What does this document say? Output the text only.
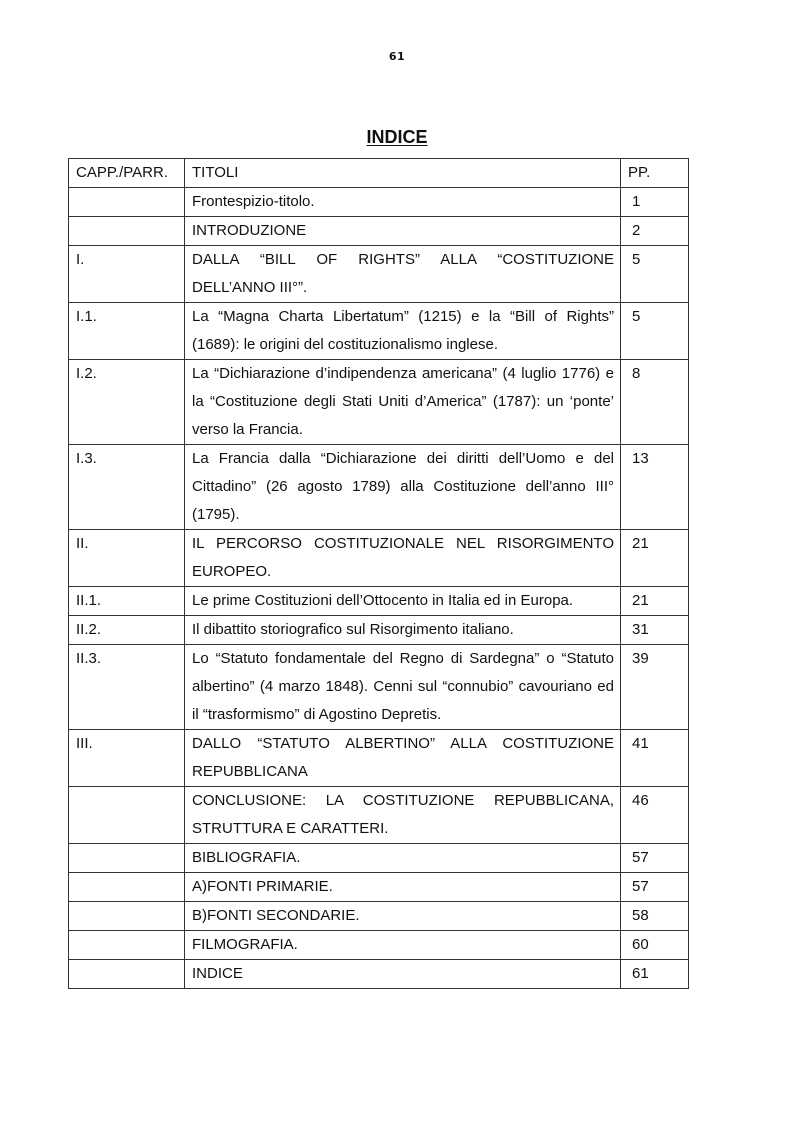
61
INDICE
CAPP./PARR.	TITOLI	PP.
	Frontespizio-titolo.	1
	INTRODUZIONE	2
I.	DALLA “BILL OF RIGHTS” ALLA “COSTITUZIONE DELL’ANNO III°”.	5
I.1.	La “Magna Charta Libertatum” (1215) e la “Bill of Rights” (1689): le origini del costituzionalismo inglese.	5
I.2.	La “Dichiarazione d’indipendenza americana” (4 luglio 1776) e la “Costituzione degli Stati Uniti d’America” (1787): un ‘ponte’ verso la Francia.	8
I.3.	La Francia dalla “Dichiarazione dei diritti dell’Uomo e del Cittadino” (26 agosto 1789) alla Costituzione dell’anno III° (1795).	13
II.	IL PERCORSO COSTITUZIONALE NEL RISORGIMENTO EUROPEO.	21
II.1.	Le prime Costituzioni dell’Ottocento in Italia ed in Europa.	21
II.2.	Il dibattito storiografico sul Risorgimento italiano.	31
II.3.	Lo “Statuto fondamentale del Regno di Sardegna” o “Statuto albertino” (4 marzo 1848). Cenni sul “connubio” cavouriano ed il “trasformismo” di Agostino Depretis.	39
III.	DALLO “STATUTO ALBERTINO” ALLA COSTITUZIONE REPUBBLICANA	41
	CONCLUSIONE: LA COSTITUZIONE REPUBBLICANA, STRUTTURA E CARATTERI.	46
	BIBLIOGRAFIA.	57
	A)FONTI PRIMARIE.	57
	B)FONTI SECONDARIE.	58
	FILMOGRAFIA.	60
	INDICE	61
